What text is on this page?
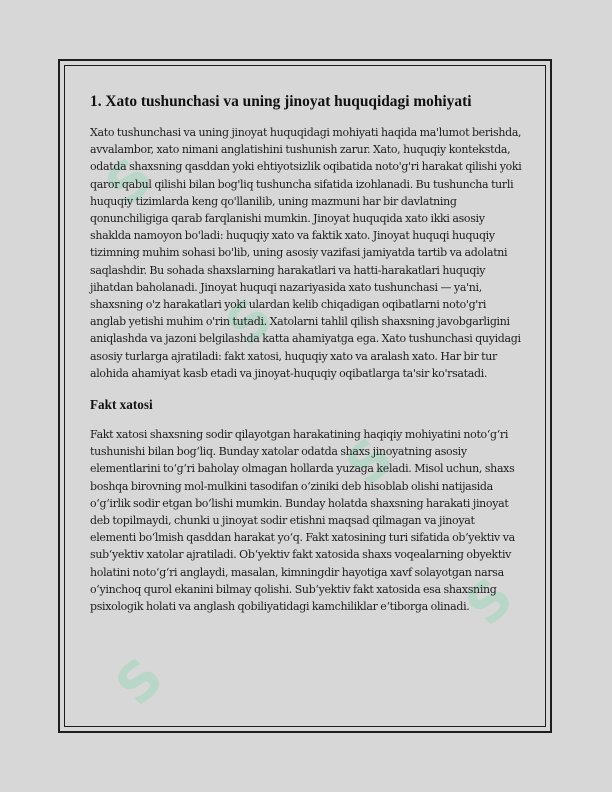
S
S
S
S
S
1. Xato tushunchasi va uning jinoyat huquqidagi mohiyati

Xato tushunchasi va uning jinoyat huquqidagi mohiyati haqida ma'lumot berishda, avvalambor, xato nimani anglatishini tushunish zarur. Xato, huquqiy kontekstda, odatda shaxsning qasddan yoki ehtiyotsizlik oqibatida noto'g'ri harakat qilishi yoki qaror qabul qilishi bilan bog'liq tushuncha sifatida izohlanadi. Bu tushuncha turli huquqiy tizimlarda keng qo'llanilib, uning mazmuni har bir davlatning qonunchiligiga qarab farqlanishi mumkin. Jinoyat huquqida xato ikki asosiy shaklda namoyon bo'ladi: huquqiy xato va faktik xato. Jinoyat huquqi huquqiy tizimning muhim sohasi bo'lib, uning asosiy vazifasi jamiyatda tartib va adolatni saqlashdir. Bu sohada shaxslarning harakatlari va hatti-harakatlari huquqiy jihatdan baholanadi. Jinoyat huquqi nazariyasida xato tushunchasi — ya'ni, shaxsning o'z harakatlari yoki ulardan kelib chiqadigan oqibatlarni noto'g'ri anglab yetishi muhim o'rin tutadi. Xatolarni tahlil qilish shaxsning javobgarligini aniqlashda va jazoni belgilashda katta ahamiyatga ega. Xato tushunchasi quyidagi asosiy turlarga ajratiladi: fakt xatosi, huquqiy xato va aralash xato. Har bir tur alohida ahamiyat kasb etadi va jinoyat-huquqiy oqibatlarga ta'sir ko'rsatadi.

Fakt xatosi

Fakt xatosi shaxsning sodir qilayotgan harakatining haqiqiy mohiyatini noto‘g‘ri tushunishi bilan bog‘liq. Bunday xatolar odatda shaxs jinoyatning asosiy elementlarini to‘g‘ri baholay olmagan hollarda yuzaga keladi. Misol uchun, shaxs boshqa birovning mol-mulkini tasodifan o‘ziniki deb hisoblab olishi natijasida o‘g‘irlik sodir etgan bo‘lishi mumkin. Bunday holatda shaxsning harakati jinoyat deb topilmaydi, chunki u jinoyat sodir etishni maqsad qilmagan va jinoyat elementi bo‘lmish qasddan harakat yo‘q. Fakt xatosining turi sifatida ob‘yektiv va sub‘yektiv xatolar ajratiladi. Ob‘yektiv fakt xatosida shaxs voqealarning obyektiv holatini noto‘g‘ri anglaydi, masalan, kimningdir hayotiga xavf solayotgan narsa o‘yinchoq qurol ekanini bilmay qolishi. Sub‘yektiv fakt xatosida esa shaxsning psixologik holati va anglash qobiliyatidagi kamchiliklar e‘tiborga olinadi.
